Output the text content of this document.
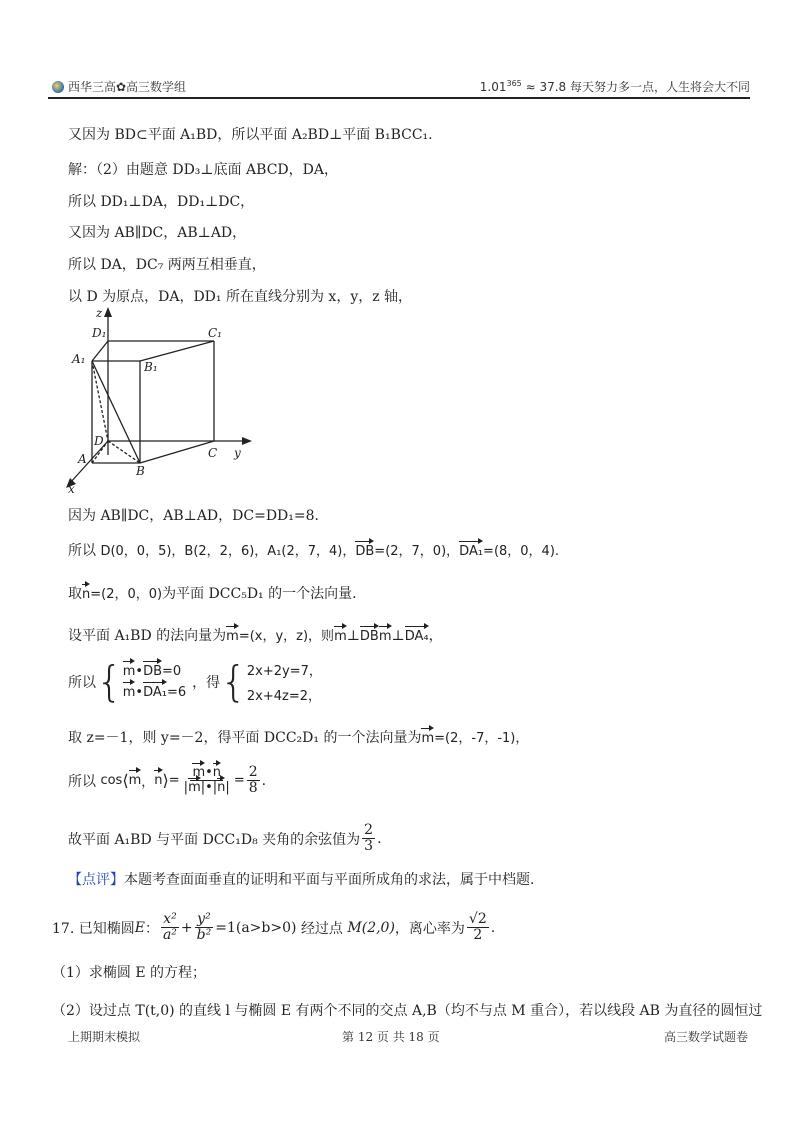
西华三高✿高三数学组	$1.01^{365} \approx 37.8$ 每天努力多一点，人生将会大不同
又因为 BD⊂平面 A₁BD，所以平面 A₂BD⊥平面 B₁BCC₁.
解：（2）由题意 DD₃⊥底面 ABCD，DA，
所以 DD₁⊥DA，DD₁⊥DC，
又因为 AB∥DC，AB⊥AD，
所以 DA，DC₇ 两两互相垂直，
以 D 为原点，DA，DD₁ 所在直线分别为 x，y，z 轴，
z
D₁	C₁
A₁
B₁
D
A
B
C y
x
因为 AB∥DC，AB⊥AD，DC=DD₁=8.
所以 D(0，0，5)，B(2，2，6)，A₁(2，7，4)，DB=(2，7，0)，DA₁=(8，0，4).
取n=(2，0，0)为平面 DCC₅D₁ 的一个法向量.
设平面 A₁BD 的法向量为m=(x，y，z)，则m⊥DBm⊥DA₄，
所以 { m•DB=0
m•DA₁=6
，得 { 2x+2y=7，
2x+4z=2，
取 z=－1，则 y=－2，得平面 DCC₂D₁ 的一个法向量为m=(2，-7，-1)，
所以
cos ⟨ m ， n ⟩ = $\frac{m•n}{|m|•|n|} = \frac{2}{8}$ .
故平面 A₁BD 与平面 DCC₁D₈ 夹角的余弦值为 $\frac{2}{3}$ .
【点评】本题考查面面垂直的证明和平面与平面所成角的求法，属于中档题.
17. 已知椭圆 E ： $\frac{\text{x²}}{\text{a²}} + \frac{\text{y²}}{\text{b²}} =1(a>b>0)$
经过点
M(2,0) ，离心率为 $\frac{√2}{2}$ .
（1）求椭圆 E 的方程；
（2）设过点 T(t,0) 的直线 l 与椭圆 E 有两个不同的交点 A,B（均不与点 M 重合），若以线段 AB 为直径的圆恒过
上期期末模拟	第 12 页 共 18 页	高三数学试题卷
